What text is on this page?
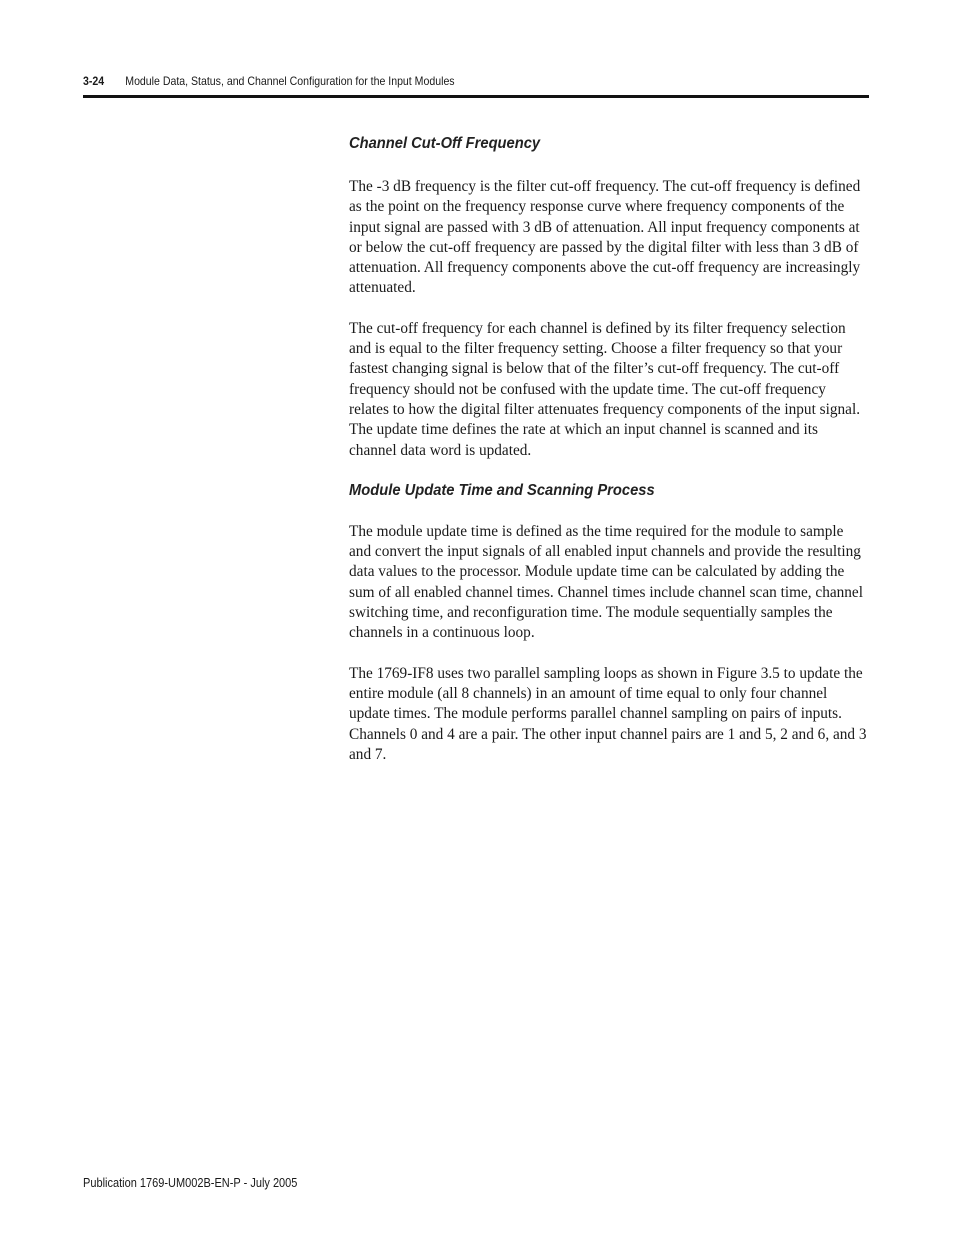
3-24 Module Data, Status, and Channel Configuration for the Input Modules
Channel Cut-Off Frequency

The -3 dB frequency is the filter cut-off frequency. The cut-off frequency is defined as the point on the frequency response curve where frequency components of the input signal are passed with 3 dB of attenuation. All input frequency components at or below the cut-off frequency are passed by the digital filter with less than 3 dB of attenuation. All frequency components above the cut-off frequency are increasingly attenuated.

The cut-off frequency for each channel is defined by its filter frequency selection and is equal to the filter frequency setting. Choose a filter frequency so that your fastest changing signal is below that of the filter’s cut-off frequency. The cut-off frequency should not be confused with the update time. The cut-off frequency relates to how the digital filter attenuates frequency components of the input signal. The update time defines the rate at which an input channel is scanned and its channel data word is updated.

Module Update Time and Scanning Process

The module update time is defined as the time required for the module to sample and convert the input signals of all enabled input channels and provide the resulting data values to the processor. Module update time can be calculated by adding the sum of all enabled channel times. Channel times include channel scan time, channel switching time, and reconfiguration time. The module sequentially samples the channels in a continuous loop.

The 1769-IF8 uses two parallel sampling loops as shown in Figure 3.5 to update the entire module (all 8 channels) in an amount of time equal to only four channel update times. The module performs parallel channel sampling on pairs of inputs. Channels 0 and 4 are a pair. The other input channel pairs are 1 and 5, 2 and 6, and 3 and 7.

Publication 1769-UM002B-EN-P - July 2005
